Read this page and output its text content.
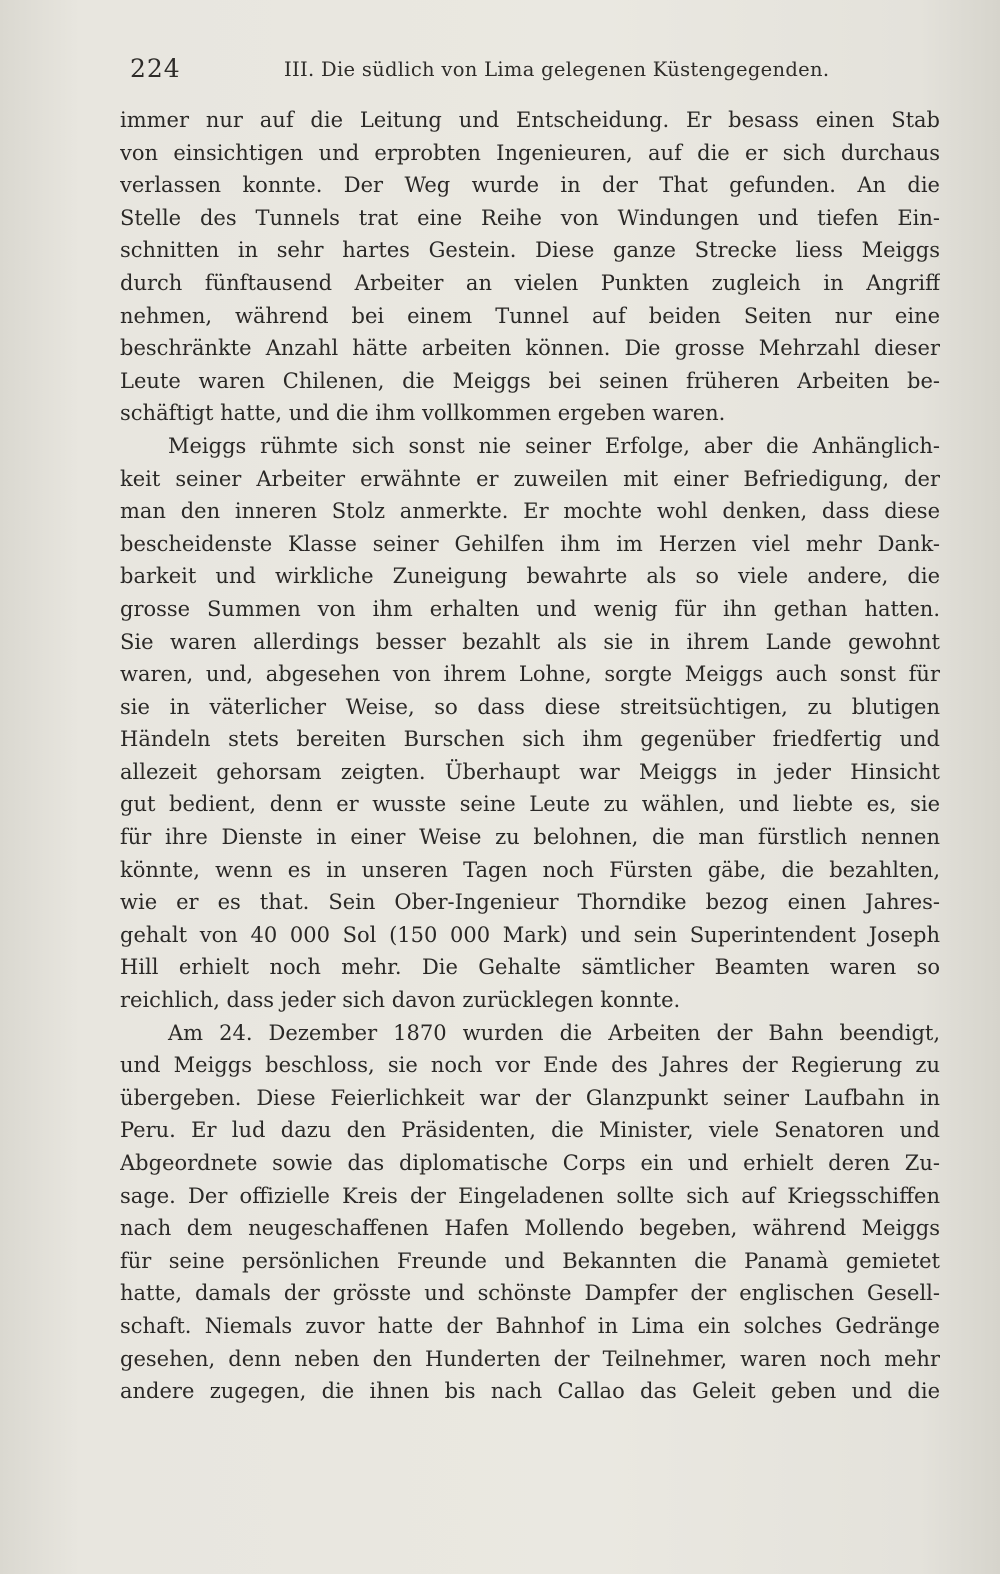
224	III. Die südlich von Lima gelegenen Küstengegenden.
immer nur auf die Leitung und Entscheidung. Er besass einen Stab
von einsichtigen und erprobten Ingenieuren, auf die er sich durchaus
verlassen konnte. Der Weg wurde in der That gefunden. An die
Stelle des Tunnels trat eine Reihe von Windungen und tiefen Ein-
schnitten in sehr hartes Gestein. Diese ganze Strecke liess Meiggs
durch fünftausend Arbeiter an vielen Punkten zugleich in Angriff
nehmen, während bei einem Tunnel auf beiden Seiten nur eine
beschränkte Anzahl hätte arbeiten können. Die grosse Mehrzahl dieser
Leute waren Chilenen, die Meiggs bei seinen früheren Arbeiten be-
schäftigt hatte, und die ihm vollkommen ergeben waren.
Meiggs rühmte sich sonst nie seiner Erfolge, aber die Anhänglich-
keit seiner Arbeiter erwähnte er zuweilen mit einer Befriedigung, der
man den inneren Stolz anmerkte. Er mochte wohl denken, dass diese
bescheidenste Klasse seiner Gehilfen ihm im Herzen viel mehr Dank-
barkeit und wirkliche Zuneigung bewahrte als so viele andere, die
grosse Summen von ihm erhalten und wenig für ihn gethan hatten.
Sie waren allerdings besser bezahlt als sie in ihrem Lande gewohnt
waren, und, abgesehen von ihrem Lohne, sorgte Meiggs auch sonst für
sie in väterlicher Weise, so dass diese streitsüchtigen, zu blutigen
Händeln stets bereiten Burschen sich ihm gegenüber friedfertig und
allezeit gehorsam zeigten. Überhaupt war Meiggs in jeder Hinsicht
gut bedient, denn er wusste seine Leute zu wählen, und liebte es, sie
für ihre Dienste in einer Weise zu belohnen, die man fürstlich nennen
könnte, wenn es in unseren Tagen noch Fürsten gäbe, die bezahlten,
wie er es that. Sein Ober-Ingenieur Thorndike bezog einen Jahres-
gehalt von 40 000 Sol (150 000 Mark) und sein Superintendent Joseph
Hill erhielt noch mehr. Die Gehalte sämtlicher Beamten waren so
reichlich, dass jeder sich davon zurücklegen konnte.
Am 24. Dezember 1870 wurden die Arbeiten der Bahn beendigt,
und Meiggs beschloss, sie noch vor Ende des Jahres der Regierung zu
übergeben. Diese Feierlichkeit war der Glanzpunkt seiner Laufbahn in
Peru. Er lud dazu den Präsidenten, die Minister, viele Senatoren und
Abgeordnete sowie das diplomatische Corps ein und erhielt deren Zu-
sage. Der offizielle Kreis der Eingeladenen sollte sich auf Kriegsschiffen
nach dem neugeschaffenen Hafen Mollendo begeben, während Meiggs
für seine persönlichen Freunde und Bekannten die Panamà gemietet
hatte, damals der grösste und schönste Dampfer der englischen Gesell-
schaft. Niemals zuvor hatte der Bahnhof in Lima ein solches Gedränge
gesehen, denn neben den Hunderten der Teilnehmer, waren noch mehr
andere zugegen, die ihnen bis nach Callao das Geleit geben und die
